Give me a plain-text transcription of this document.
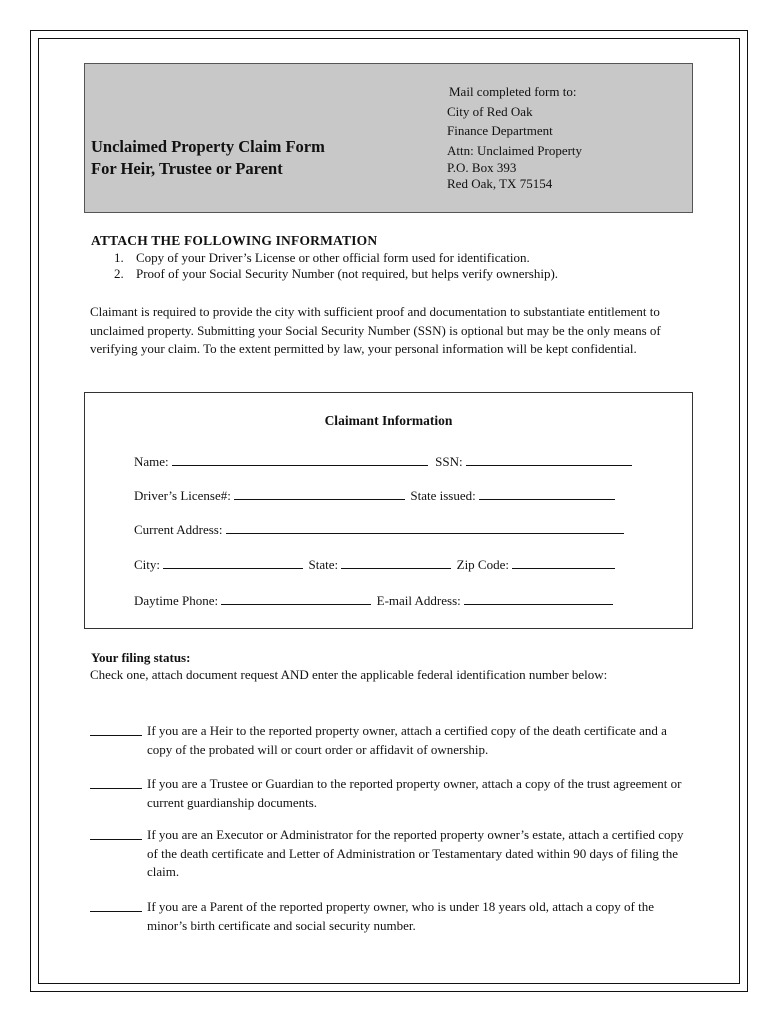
Unclaimed Property Claim Form
For Heir, Trustee or Parent
Mail completed form to:
City of Red Oak
Finance Department
Attn: Unclaimed Property
P.O. Box 393
Red Oak, TX 75154
ATTACH THE FOLLOWING INFORMATION
1. Copy of your Driver’s License or other official form used for identification.
2. Proof of your Social Security Number (not required, but helps verify ownership).
Claimant is required to provide the city with sufficient proof and documentation to substantiate entitlement to unclaimed property. Submitting your Social Security Number (SSN) is optional but may be the only means of verifying your claim. To the extent permitted by law, your personal information will be kept confidential.
Claimant Information
Name:	SSN:
Driver’s License#:	State issued:
Current Address:
City:	State:	Zip Code:
Daytime Phone:	E-mail Address:
Your filing status:
Check one, attach document request AND enter the applicable federal identification number below:
If you are a Heir to the reported property owner, attach a certified copy of the death certificate and a copy of the probated will or court order or affidavit of ownership.
If you are a Trustee or Guardian to the reported property owner, attach a copy of the trust agreement or current guardianship documents.
If you are an Executor or Administrator for the reported property owner’s estate, attach a certified copy of the death certificate and Letter of Administration or Testamentary dated within 90 days of filing the claim.
If you are a Parent of the reported property owner, who is under 18 years old, attach a copy of the minor’s birth certificate and social security number.
